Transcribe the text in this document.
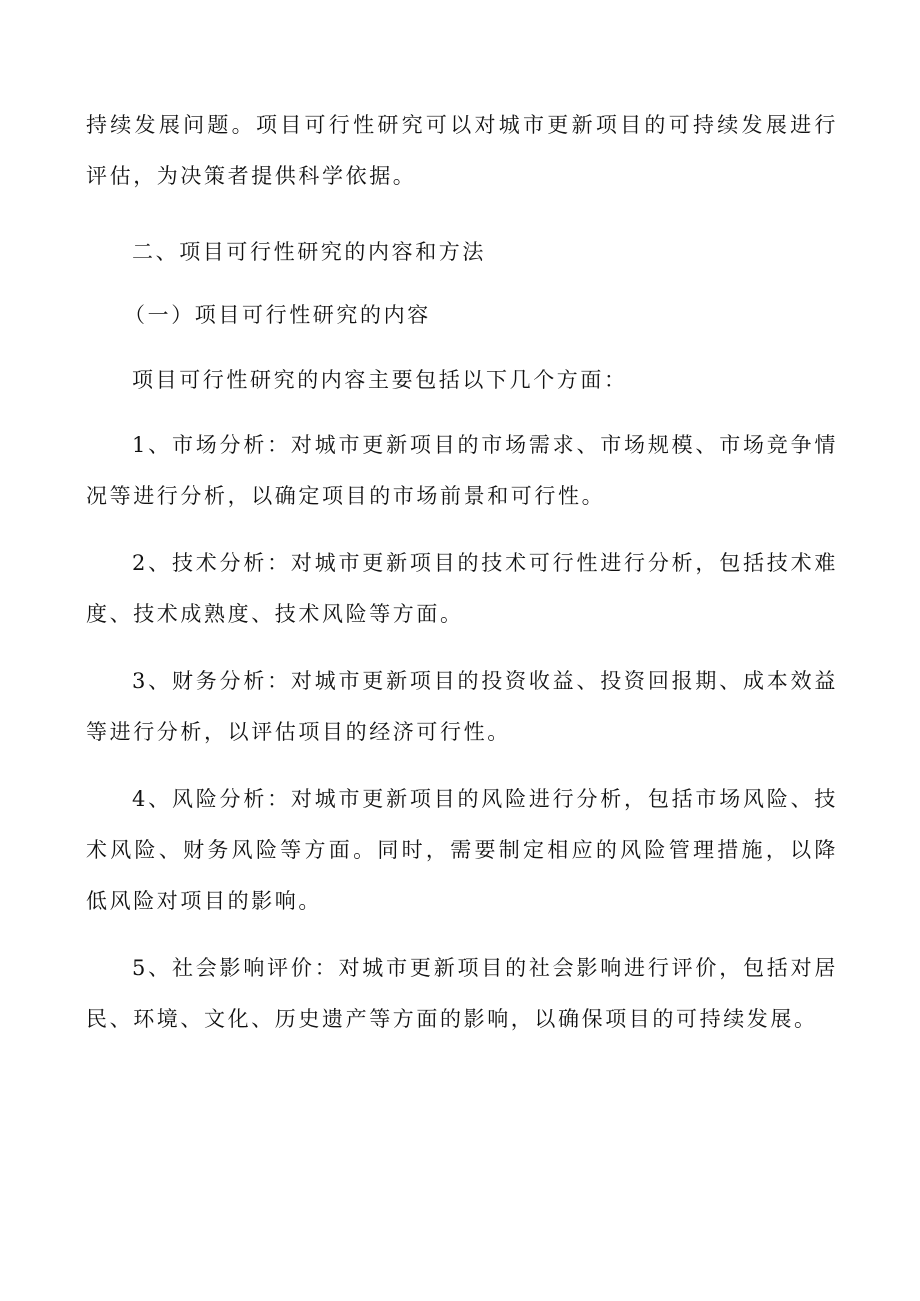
持续发展问题。项目可行性研究可以对城市更新项目的可持续发展进行评估，为决策者提供科学依据。

二、项目可行性研究的内容和方法

（一）项目可行性研究的内容

项目可行性研究的内容主要包括以下几个方面：

1、市场分析：对城市更新项目的市场需求、市场规模、市场竞争情况等进行分析，以确定项目的市场前景和可行性。

2、技术分析：对城市更新项目的技术可行性进行分析，包括技术难度、技术成熟度、技术风险等方面。

3、财务分析：对城市更新项目的投资收益、投资回报期、成本效益等进行分析，以评估项目的经济可行性。

4、风险分析：对城市更新项目的风险进行分析，包括市场风险、技术风险、财务风险等方面。同时，需要制定相应的风险管理措施，以降低风险对项目的影响。

5、社会影响评价：对城市更新项目的社会影响进行评价，包括对居民、环境、文化、历史遗产等方面的影响，以确保项目的可持续发展。
